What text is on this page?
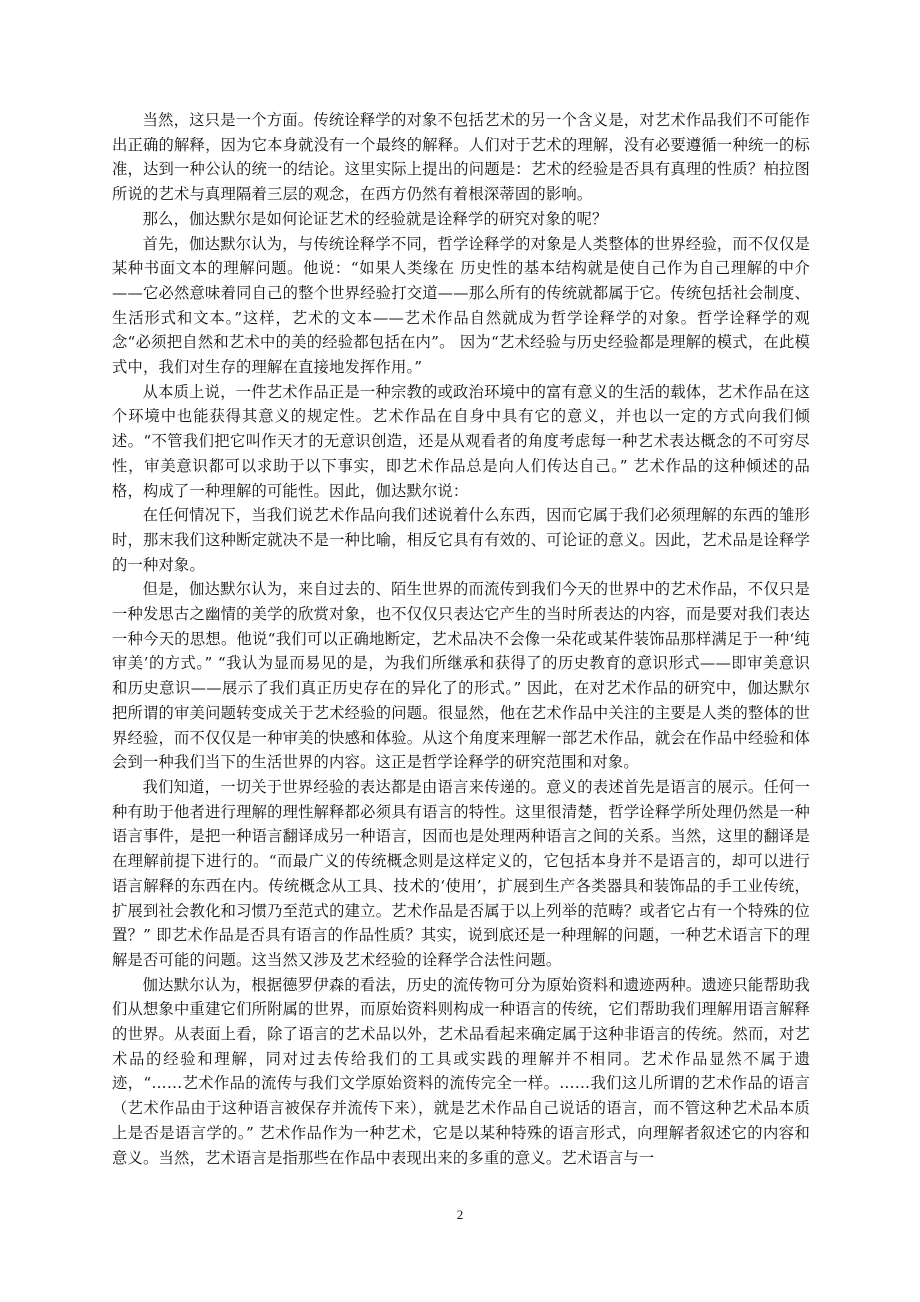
当然，这只是一个方面。传统诠释学的对象不包括艺术的另一个含义是，对艺术作品我们不可能作出正确的解释，因为它本身就没有一个最终的解释。人们对于艺术的理解，没有必要遵循一种统一的标准，达到一种公认的统一的结论。这里实际上提出的问题是：艺术的经验是否具有真理的性质？柏拉图所说的艺术与真理隔着三层的观念，在西方仍然有着根深蒂固的影响。

那么，伽达默尔是如何论证艺术的经验就是诠释学的研究对象的呢？

首先，伽达默尔认为，与传统诠释学不同，哲学诠释学的对象是人类整体的世界经验，而不仅仅是某种书面文本的理解问题。他说：“如果人类缘在 历史性的基本结构就是使自己作为自己理解的中介——它必然意味着同自己的整个世界经验打交道——那么所有的传统就都属于它。传统包括社会制度、生活形式和文本。”这样，艺术的文本——艺术作品自然就成为哲学诠释学的对象。哲学诠释学的观念“必须把自然和艺术中的美的经验都包括在内”。 因为“艺术经验与历史经验都是理解的模式，在此模式中，我们对生存的理解在直接地发挥作用。”

从本质上说，一件艺术作品正是一种宗教的或政治环境中的富有意义的生活的载体，艺术作品在这个环境中也能获得其意义的规定性。艺术作品在自身中具有它的意义，并也以一定的方式向我们倾述。“不管我们把它叫作天才的无意识创造，还是从观看者的角度考虑每一种艺术表达概念的不可穷尽性，审美意识都可以求助于以下事实，即艺术作品总是向人们传达自己。” 艺术作品的这种倾述的品格，构成了一种理解的可能性。因此，伽达默尔说：

在任何情况下，当我们说艺术作品向我们述说着什么东西，因而它属于我们必须理解的东西的雏形时，那末我们这种断定就决不是一种比喻，相反它具有有效的、可论证的意义。因此，艺术品是诠释学的一种对象。

但是，伽达默尔认为，来自过去的、陌生世界的而流传到我们今天的世界中的艺术作品，不仅只是一种发思古之幽情的美学的欣赏对象，也不仅仅只表达它产生的当时所表达的内容，而是要对我们表达一种今天的思想。他说“我们可以正确地断定，艺术品决不会像一朵花或某件装饰品那样满足于一种‘纯审美’的方式。” “我认为显而易见的是，为我们所继承和获得了的历史教育的意识形式——即审美意识和历史意识——展示了我们真正历史存在的异化了的形式。” 因此，在对艺术作品的研究中，伽达默尔把所谓的审美问题转变成关于艺术经验的问题。很显然，他在艺术作品中关注的主要是人类的整体的世界经验，而不仅仅是一种审美的快感和体验。从这个角度来理解一部艺术作品，就会在作品中经验和体会到一种我们当下的生活世界的内容。这正是哲学诠释学的研究范围和对象。

我们知道，一切关于世界经验的表达都是由语言来传递的。意义的表述首先是语言的展示。任何一种有助于他者进行理解的理性解释都必须具有语言的特性。这里很清楚，哲学诠释学所处理仍然是一种语言事件，是把一种语言翻译成另一种语言，因而也是处理两种语言之间的关系。当然，这里的翻译是在理解前提下进行的。“而最广义的传统概念则是这样定义的，它包括本身并不是语言的，却可以进行语言解释的东西在内。传统概念从工具、技术的‘使用’，扩展到生产各类器具和装饰品的手工业传统，扩展到社会教化和习惯乃至范式的建立。艺术作品是否属于以上列举的范畴？或者它占有一个特殊的位置？” 即艺术作品是否具有语言的作品性质？其实，说到底还是一种理解的问题，一种艺术语言下的理解是否可能的问题。这当然又涉及艺术经验的诠释学合法性问题。

伽达默尔认为，根据德罗伊森的看法，历史的流传物可分为原始资料和遗迹两种。遗迹只能帮助我们从想象中重建它们所附属的世界，而原始资料则构成一种语言的传统，它们帮助我们理解用语言解释的世界。从表面上看，除了语言的艺术品以外，艺术品看起来确定属于这种非语言的传统。然而，对艺术品的经验和理解，同对过去传给我们的工具或实践的理解并不相同。艺术作品显然不属于遗迹，“……艺术作品的流传与我们文学原始资料的流传完全一样。……我们这儿所谓的艺术作品的语言（艺术作品由于这种语言被保存并流传下来），就是艺术作品自己说话的语言，而不管这种艺术品本质上是否是语言学的。” 艺术作品作为一种艺术，它是以某种特殊的语言形式，向理解者叙述它的内容和意义。当然，艺术语言是指那些在作品中表现出来的多重的意义。艺术语言与一

2
